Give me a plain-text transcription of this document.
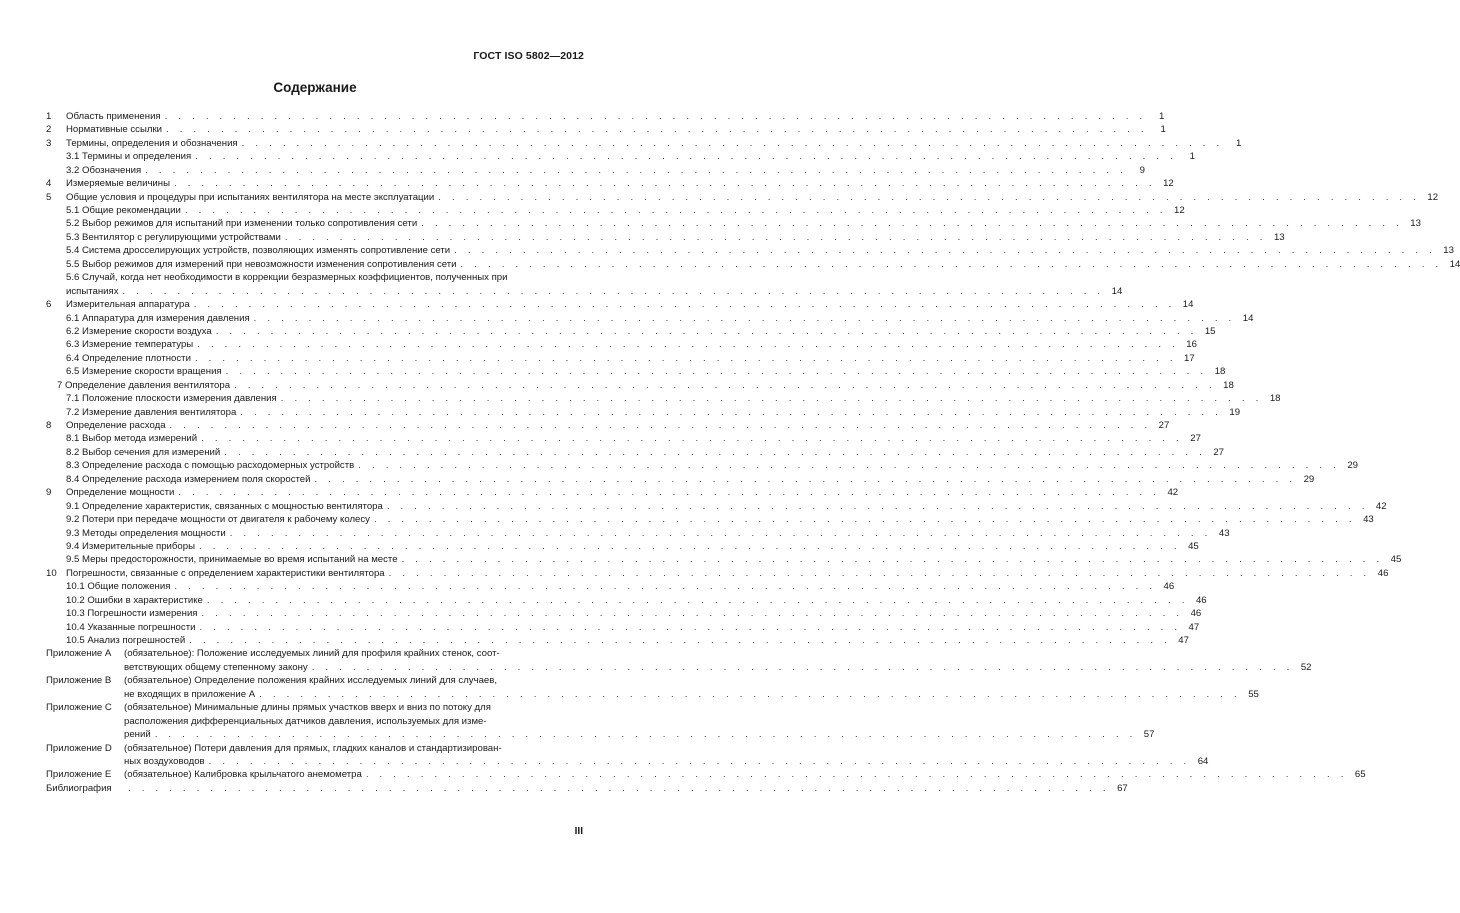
ГОСТ ISO 5802—2012
Содержание
1	Область применения . . . . . . . . . . . . . . . . . . . . . . . . . . . . . . . . . . . . . . . . . . . . . . . . . . . . . . . . . . . . . . . . . . . . . . . .	1
2	Нормативные ссылки . . . . . . . . . . . . . . . . . . . . . . . . . . . . . . . . . . . . . . . . . . . . . . . . . . . . . . . . . . . . . . . . . . . . . . . .	1
3	Термины, определения и обозначения . . . . . . . . . . . . . . . . . . . . . . . . . . . . . . . . . . . . . . . . . . . . . . . . . . . . . . . . . . . . . . . . . . . . . . . .	1
3.1 Термины и определения . . . . . . . . . . . . . . . . . . . . . . . . . . . . . . . . . . . . . . . . . . . . . . . . . . . . . . . . . . . . . . . . . . . . . . . .	1
3.2 Обозначения . . . . . . . . . . . . . . . . . . . . . . . . . . . . . . . . . . . . . . . . . . . . . . . . . . . . . . . . . . . . . . . . . . . . . . . .	9
4	Измеряемые величины . . . . . . . . . . . . . . . . . . . . . . . . . . . . . . . . . . . . . . . . . . . . . . . . . . . . . . . . . . . . . . . . . . . . . . . . 12
5	Общие условия и процедуры при испытаниях вентилятора на месте эксплуатации . . . . . . . . . . . . . . . . . . . . . . . . . . . . . . . . . . . . . . . . . . . . . . . . . . . . . . . . . . . . . . . . . . . . . . . . 12
5.1 Общие рекомендации . . . . . . . . . . . . . . . . . . . . . . . . . . . . . . . . . . . . . . . . . . . . . . . . . . . . . . . . . . . . . . . . . . . . . . . . 12
5.2 Выбор режимов для испытаний при изменении только сопротивления сети . . . . . . . . . . . . . . . . . . . . . . . . . . . . . . . . . . . . . . . . . . . . . . . . . . . . . . . . . . . . . . . . . . . . . . . . 13
5.3 Вентилятор с регулирующими устройствами . . . . . . . . . . . . . . . . . . . . . . . . . . . . . . . . . . . . . . . . . . . . . . . . . . . . . . . . . . . . . . . . . . . . . . . . 13
5.4 Система дросселирующих устройств, позволяющих изменять сопротивление сети . . . . . . . . . . . . . . . . . . . . . . . . . . . . . . . . . . . . . . . . . . . . . . . . . . . . . . . . . . . . . . . . . . . . . . . . 13
5.5 Выбор режимов для измерений при невозможности изменения сопротивления сети . . . . . . . . . . . . . . . . . . . . . . . . . . . . . . . . . . . . . . . . . . . . . . . . . . . . . . . . . . . . . . . . . . . . . . . . 14
5.6 Случай, когда нет необходимости в коррекции безразмерных коэффициентов, полученных при
испытаниях . . . . . . . . . . . . . . . . . . . . . . . . . . . . . . . . . . . . . . . . . . . . . . . . . . . . . . . . . . . . . . . . . . . . . . . . 14
6	Измерительная аппаратура . . . . . . . . . . . . . . . . . . . . . . . . . . . . . . . . . . . . . . . . . . . . . . . . . . . . . . . . . . . . . . . . . . . . . . . . 14
6.1 Аппаратура для измерения давления . . . . . . . . . . . . . . . . . . . . . . . . . . . . . . . . . . . . . . . . . . . . . . . . . . . . . . . . . . . . . . . . . . . . . . . . 14
6.2 Измерение скорости воздуха . . . . . . . . . . . . . . . . . . . . . . . . . . . . . . . . . . . . . . . . . . . . . . . . . . . . . . . . . . . . . . . . . . . . . . . . 15
6.3 Измерение температуры . . . . . . . . . . . . . . . . . . . . . . . . . . . . . . . . . . . . . . . . . . . . . . . . . . . . . . . . . . . . . . . . . . . . . . . . 16
6.4 Определение плотности . . . . . . . . . . . . . . . . . . . . . . . . . . . . . . . . . . . . . . . . . . . . . . . . . . . . . . . . . . . . . . . . . . . . . . . . 17
6.5 Измерение скорости вращения . . . . . . . . . . . . . . . . . . . . . . . . . . . . . . . . . . . . . . . . . . . . . . . . . . . . . . . . . . . . . . . . . . . . . . . . 18
7 Определение давления вентилятора . . . . . . . . . . . . . . . . . . . . . . . . . . . . . . . . . . . . . . . . . . . . . . . . . . . . . . . . . . . . . . . . . . . . . . . . 18
7.1 Положение плоскости измерения давления . . . . . . . . . . . . . . . . . . . . . . . . . . . . . . . . . . . . . . . . . . . . . . . . . . . . . . . . . . . . . . . . . . . . . . . . 18
7.2 Измерение давления вентилятора . . . . . . . . . . . . . . . . . . . . . . . . . . . . . . . . . . . . . . . . . . . . . . . . . . . . . . . . . . . . . . . . . . . . . . . . 19
8	Определение расхода . . . . . . . . . . . . . . . . . . . . . . . . . . . . . . . . . . . . . . . . . . . . . . . . . . . . . . . . . . . . . . . . . . . . . . . . 27
8.1 Выбор метода измерений . . . . . . . . . . . . . . . . . . . . . . . . . . . . . . . . . . . . . . . . . . . . . . . . . . . . . . . . . . . . . . . . . . . . . . . . 27
8.2 Выбор сечения для измерений . . . . . . . . . . . . . . . . . . . . . . . . . . . . . . . . . . . . . . . . . . . . . . . . . . . . . . . . . . . . . . . . . . . . . . . . 27
8.3 Определение расхода с помощью расходомерных устройств . . . . . . . . . . . . . . . . . . . . . . . . . . . . . . . . . . . . . . . . . . . . . . . . . . . . . . . . . . . . . . . . . . . . . . . . 29
8.4 Определение расхода измерением поля скоростей . . . . . . . . . . . . . . . . . . . . . . . . . . . . . . . . . . . . . . . . . . . . . . . . . . . . . . . . . . . . . . . . . . . . . . . . 29
9	Определение мощности . . . . . . . . . . . . . . . . . . . . . . . . . . . . . . . . . . . . . . . . . . . . . . . . . . . . . . . . . . . . . . . . . . . . . . . . 42
9.1 Определение характеристик, связанных с мощностью вентилятора . . . . . . . . . . . . . . . . . . . . . . . . . . . . . . . . . . . . . . . . . . . . . . . . . . . . . . . . . . . . . . . . . . . . . . . . 42
9.2 Потери при передаче мощности от двигателя к рабочему колесу . . . . . . . . . . . . . . . . . . . . . . . . . . . . . . . . . . . . . . . . . . . . . . . . . . . . . . . . . . . . . . . . . . . . . . . . 43
9.3 Методы определения мощности . . . . . . . . . . . . . . . . . . . . . . . . . . . . . . . . . . . . . . . . . . . . . . . . . . . . . . . . . . . . . . . . . . . . . . . . 43
9.4 Измерительные приборы . . . . . . . . . . . . . . . . . . . . . . . . . . . . . . . . . . . . . . . . . . . . . . . . . . . . . . . . . . . . . . . . . . . . . . . . 45
9.5 Меры предосторожности, принимаемые во время испытаний на месте . . . . . . . . . . . . . . . . . . . . . . . . . . . . . . . . . . . . . . . . . . . . . . . . . . . . . . . . . . . . . . . . . . . . . . . . 45
10 Погрешности, связанные с определением характеристики вентилятора . . . . . . . . . . . . . . . . . . . . . . . . . . . . . . . . . . . . . . . . . . . . . . . . . . . . . . . . . . . . . . . . . . . . . . . . 46
10.1 Общие положения . . . . . . . . . . . . . . . . . . . . . . . . . . . . . . . . . . . . . . . . . . . . . . . . . . . . . . . . . . . . . . . . . . . . . . . . 46
10.2 Ошибки в характеристике . . . . . . . . . . . . . . . . . . . . . . . . . . . . . . . . . . . . . . . . . . . . . . . . . . . . . . . . . . . . . . . . . . . . . . . . 46
10.3 Погрешности измерения . . . . . . . . . . . . . . . . . . . . . . . . . . . . . . . . . . . . . . . . . . . . . . . . . . . . . . . . . . . . . . . . . . . . . . . . 46
10.4 Указанные погрешности . . . . . . . . . . . . . . . . . . . . . . . . . . . . . . . . . . . . . . . . . . . . . . . . . . . . . . . . . . . . . . . . . . . . . . . . 47
10.5 Анализ погрешностей . . . . . . . . . . . . . . . . . . . . . . . . . . . . . . . . . . . . . . . . . . . . . . . . . . . . . . . . . . . . . . . . . . . . . . . . 47
Приложение A	(обязательное): Положение исследуемых линий для профиля крайних стенок, соот-
ветствующих общему степенному закону . . . . . . . . . . . . . . . . . . . . . . . . . . . . . . . . . . . . . . . . . . . . . . . . . . . . . . . . . . . . . . . . . . . . . . . . 52
Приложение B	(обязательное) Определение положения крайних исследуемых линий для случаев,
не входящих в приложение А . . . . . . . . . . . . . . . . . . . . . . . . . . . . . . . . . . . . . . . . . . . . . . . . . . . . . . . . . . . . . . . . . . . . . . . . 55
Приложение С	(обязательное) Минимальные длины прямых участков вверх и вниз по потоку для
расположения дифференциальных датчиков давления, используемых для изме-
рений . . . . . . . . . . . . . . . . . . . . . . . . . . . . . . . . . . . . . . . . . . . . . . . . . . . . . . . . . . . . . . . . . . . . . . . . 57
Приложение D	(обязательное) Потери давления для прямых, гладких каналов и стандартизирован-
ных воздуховодов . . . . . . . . . . . . . . . . . . . . . . . . . . . . . . . . . . . . . . . . . . . . . . . . . . . . . . . . . . . . . . . . . . . . . . . . 64
Приложение E	(обязательное) Калибровка крыльчатого анемометра . . . . . . . . . . . . . . . . . . . . . . . . . . . . . . . . . . . . . . . . . . . . . . . . . . . . . . . . . . . . . . . . . . . . . . . . 65
Библиография	. . . . . . . . . . . . . . . . . . . . . . . . . . . . . . . . . . . . . . . . . . . . . . . . . . . . . . . . . . . . . . . . . . . . . . . . 67
III
